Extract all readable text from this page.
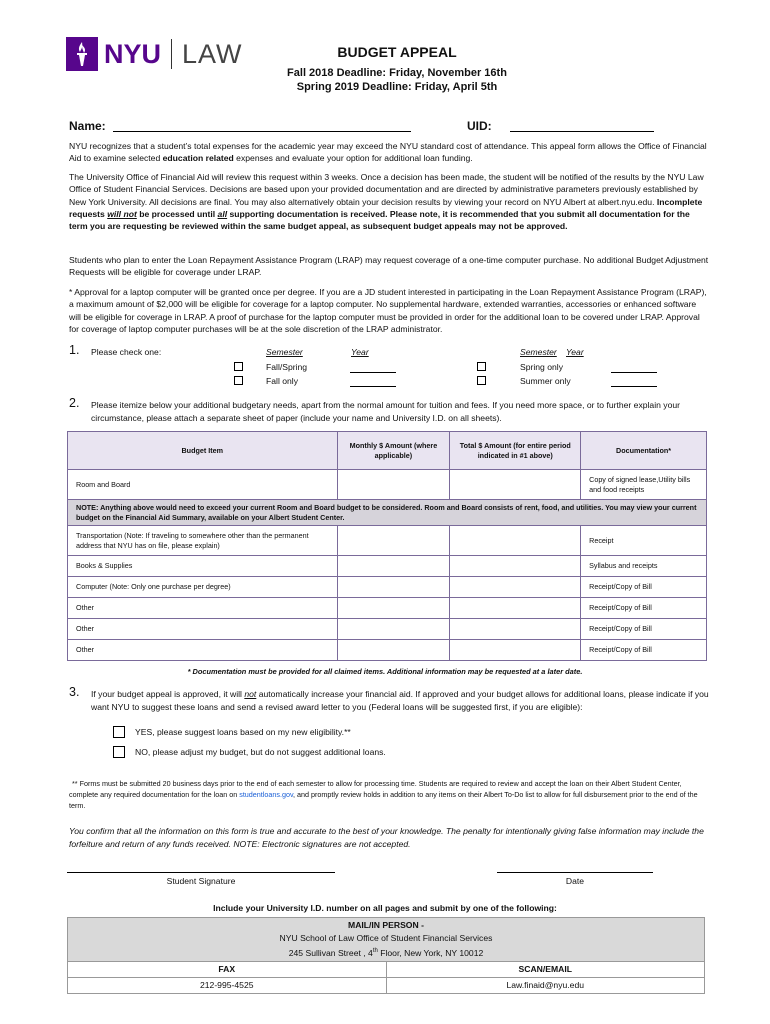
NYU LAW	BUDGET APPEAL
Fall 2018 Deadline: Friday, November 16th
Spring 2019 Deadline: Friday, April 5th
Name:	UID:
NYU recognizes that a student’s total expenses for the academic year may exceed the NYU standard cost of attendance. This appeal form allows the Office of Financial Aid to examine selected education related expenses and evaluate your option for additional loan funding.
The University Office of Financial Aid will review this request within 3 weeks. Once a decision has been made, the student will be notified of the results by the NYU Law Office of Student Financial Services. Decisions are based upon your provided documentation and are directed by administrative parameters previously established by New York University. All decisions are final. You may also alternatively obtain your decision results by viewing your record on NYU Albert at albert.nyu.edu. Incomplete requests will not be processed until all supporting documentation is received. Please note, it is recommended that you submit all documentation for the term you are requesting be reviewed within the same budget appeal, as subsequent budget appeals may not be approved.
Students who plan to enter the Loan Repayment Assistance Program (LRAP) may request coverage of a one-time computer purchase. No additional Budget Adjustment Requests will be eligible for coverage under LRAP.
* Approval for a laptop computer will be granted once per degree. If you are a JD student interested in participating in the Loan Repayment Assistance Program (LRAP), a maximum amount of $2,000 will be eligible for coverage for a laptop computer. No supplemental hardware, extended warranties, accessories or enhanced software will be eligible for coverage in LRAP. A proof of purchase for the laptop computer must be provided in order for the additional loan to be covered under LRAP. Approval for coverage of laptop computer purchases will be at the sole discretion of the LRAP administrator.
1. Please check one:	Semester	Year	Semester Year
Fall/Spring
Fall only
Spring only
Summer only
2. Please itemize below your additional budgetary needs, apart from the normal amount for tuition and fees. If you need more space, or to further explain your circumstance, please attach a separate sheet of paper (include your name and University I.D. on all sheets).
Budget Item	Monthly $ Amount (where applicable)	Total $ Amount (for entire period indicated in #1 above)	Documentation*
Room and Board			Copy of signed lease,Utility bills and food receipts
NOTE: Anything above would need to exceed your current Room and Board budget to be considered. Room and Board consists of rent, food, and utilities. You may view your current budget on the Financial Aid Summary, available on your Albert Student Center.			
Transportation (Note: If traveling to somewhere other than the permanent address that NYU has on file, please explain)			Receipt
Books & Supplies			Syllabus and receipts
Computer (Note: Only one purchase per degree)			Receipt/Copy of Bill
Other			Receipt/Copy of Bill
Other			Receipt/Copy of Bill
Other			Receipt/Copy of Bill
* Documentation must be provided for all claimed items. Additional information may be requested at a later date.
3. If your budget appeal is approved, it will not automatically increase your financial aid. If approved and your budget allows for additional loans, please indicate if you want NYU to suggest these loans and send a revised award letter to you (Federal loans will be suggested first, if you are eligible):
YES, please suggest loans based on my new eligibility.**
NO, please adjust my budget, but do not suggest additional loans.
** Forms must be submitted 20 business days prior to the end of each semester to allow for processing time. Students are required to review and accept the loan on their Albert Student Center, complete any required documentation for the loan on studentloans.gov, and promptly review holds in addition to any items on their Albert To-Do list to allow for full disbursement prior to the end of the term.
You confirm that all the information on this form is true and accurate to the best of your knowledge. The penalty for intentionally giving false information may include the forfeiture and return of any funds received. NOTE: Electronic signatures are not accepted.
Student Signature	Date
Include your University I.D. number on all pages and submit by one of the following:
MAIL/IN PERSON -
NYU School of Law Office of Student Financial Services
245 Sullivan Street , 4th Floor, New York, NY 10012	

FAX	SCAN/EMAIL
212-995-4525	Law.finaid@nyu.edu
